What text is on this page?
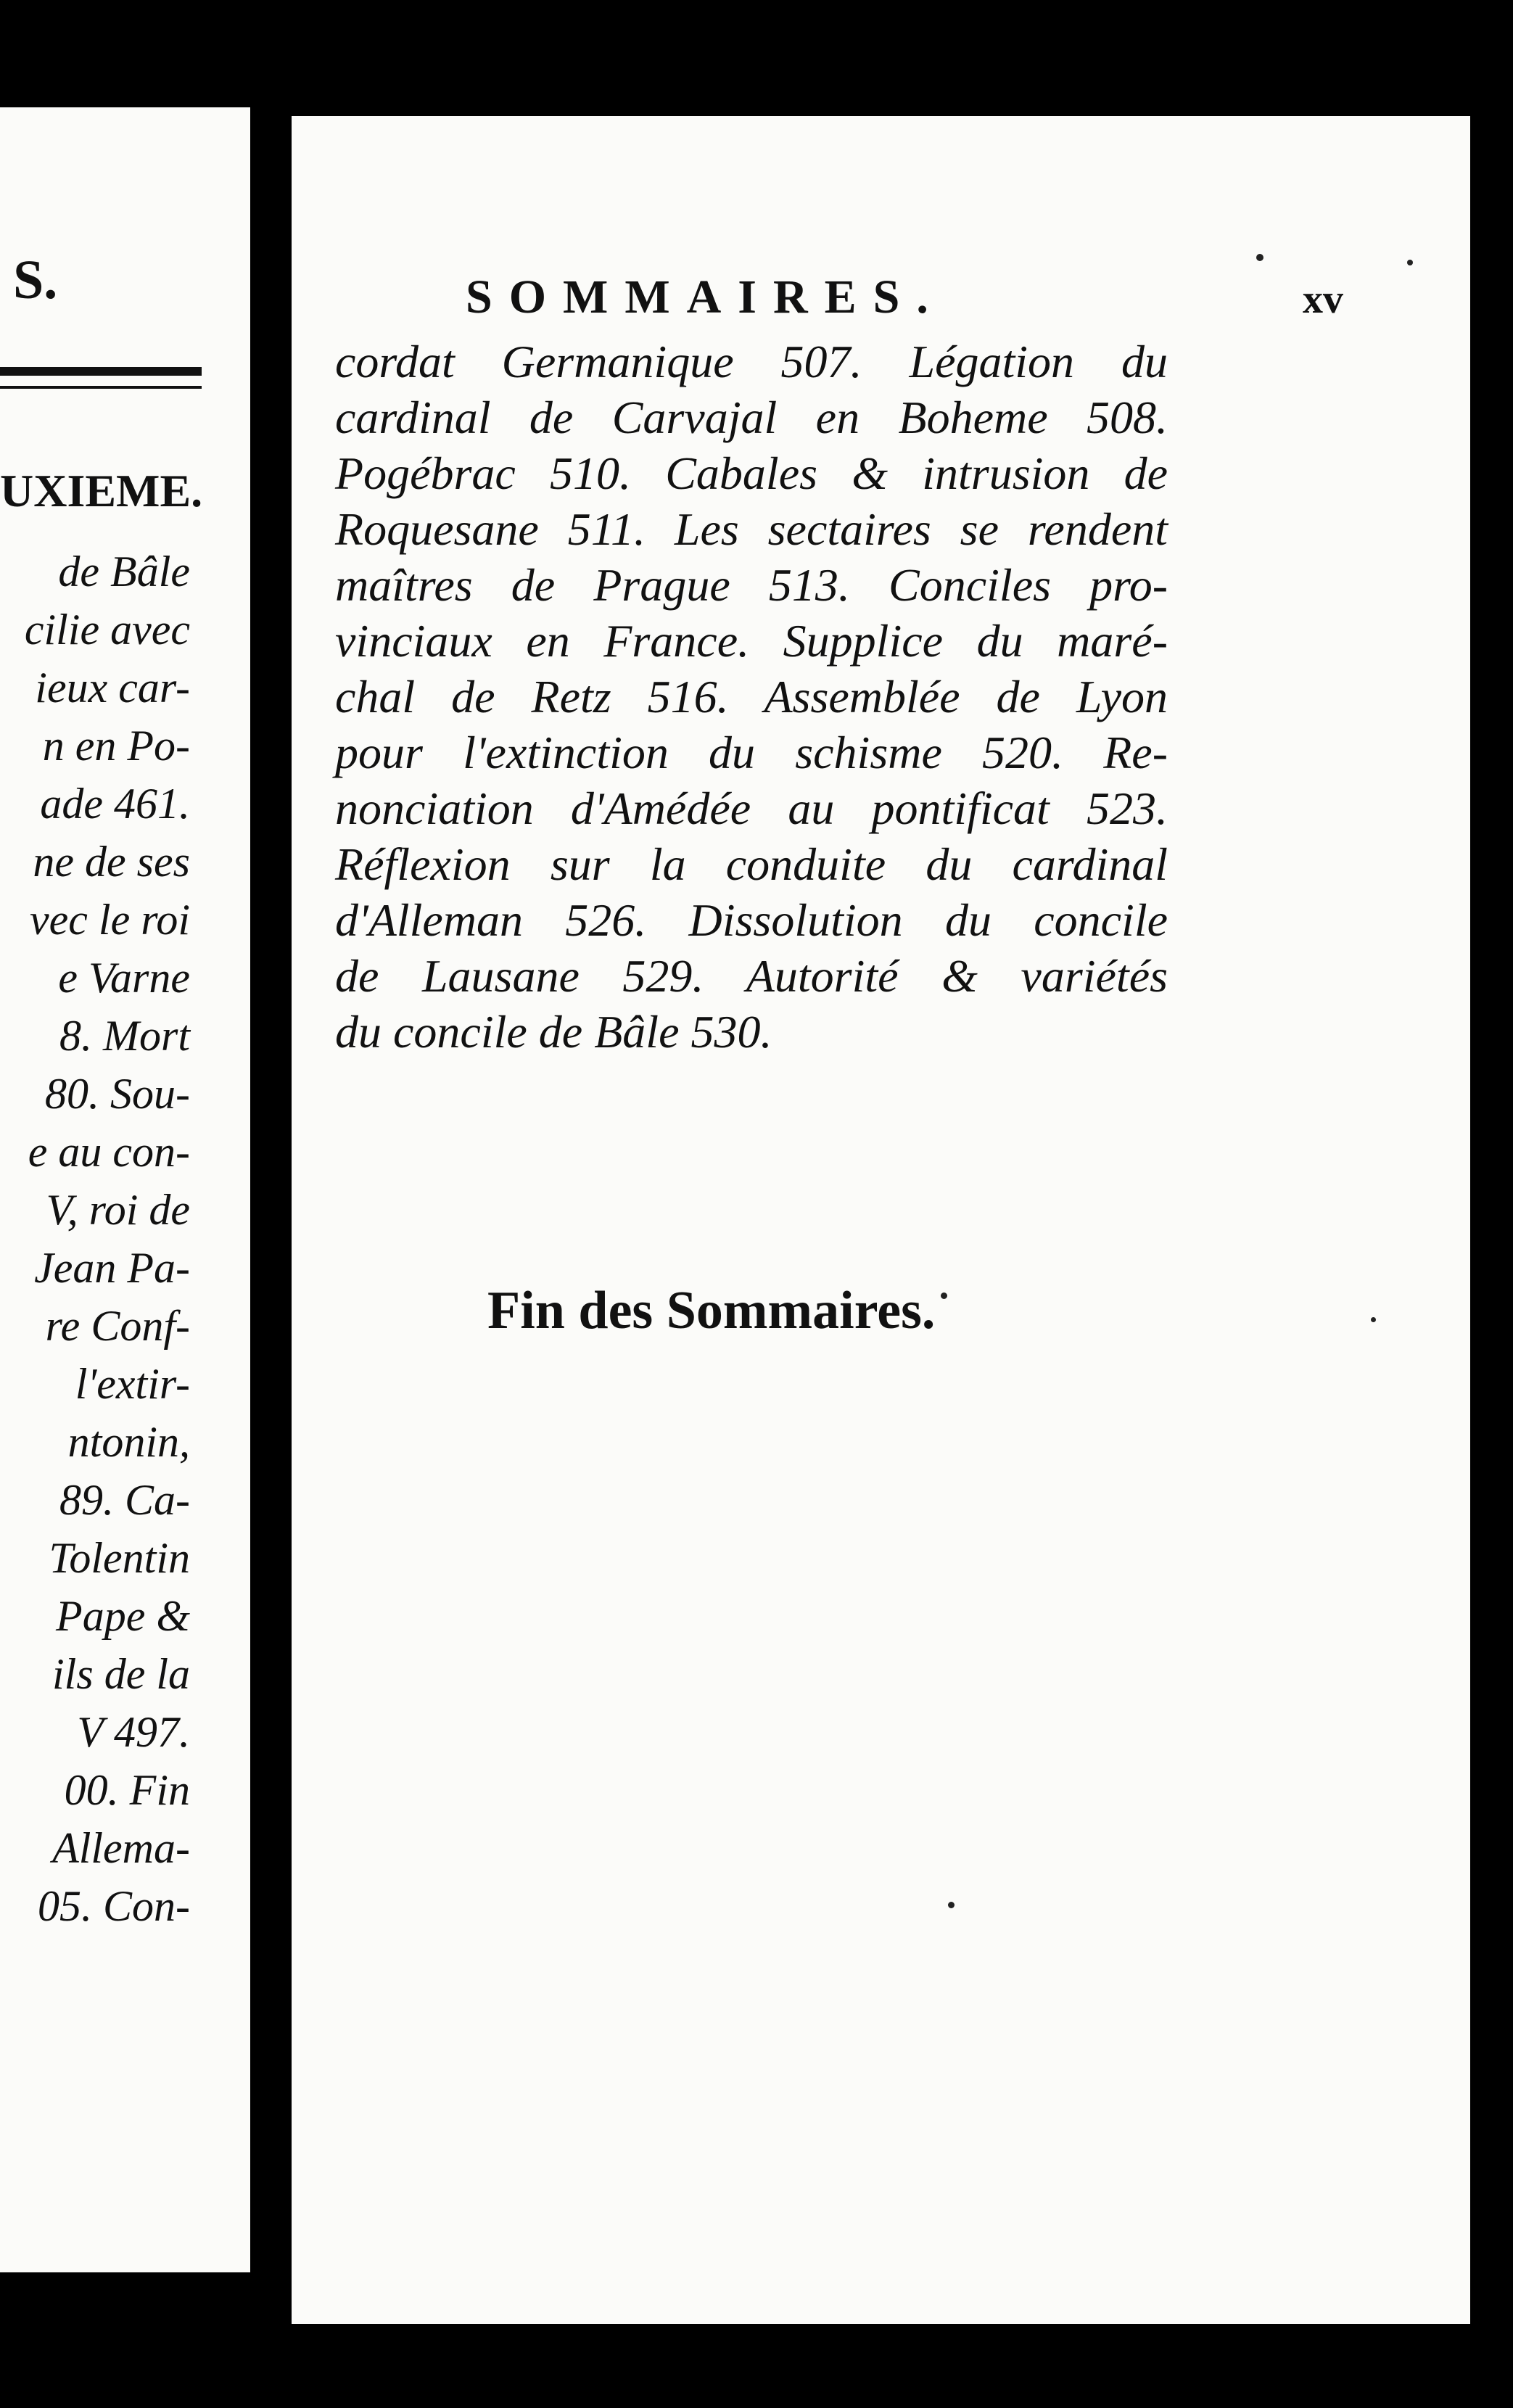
S.
UXIEME.
de Bâle
cilie avec
ieux car-
n en Po-
ade 461.
ne de ses
vec le roi
e Varne
8. Mort
80. Sou-
e au con-
V, roi de
Jean Pa-
re Conf-
l'extir-
ntonin,
89. Ca-
Tolentin
Pape &
ils de la
V 497.
00. Fin
Allema-
05. Con-
SOMMAIRES.	xv
cordat Germanique 507. Légation du
cardinal de Carvajal en Boheme 508.
Pogébrac 510. Cabales & intrusion de
Roquesane 511. Les sectaires se rendent
maîtres de Prague 513. Conciles pro-
vinciaux en France. Supplice du maré-
chal de Retz 516. Assemblée de Lyon
pour l'extinction du schisme 520. Re-
nonciation d'Amédée au pontificat 523.
Réflexion sur la conduite du cardinal
d'Alleman 526. Dissolution du concile
de Lausane 529. Autorité & variétés
du concile de Bâle 530.

Fin des Sommaires.
